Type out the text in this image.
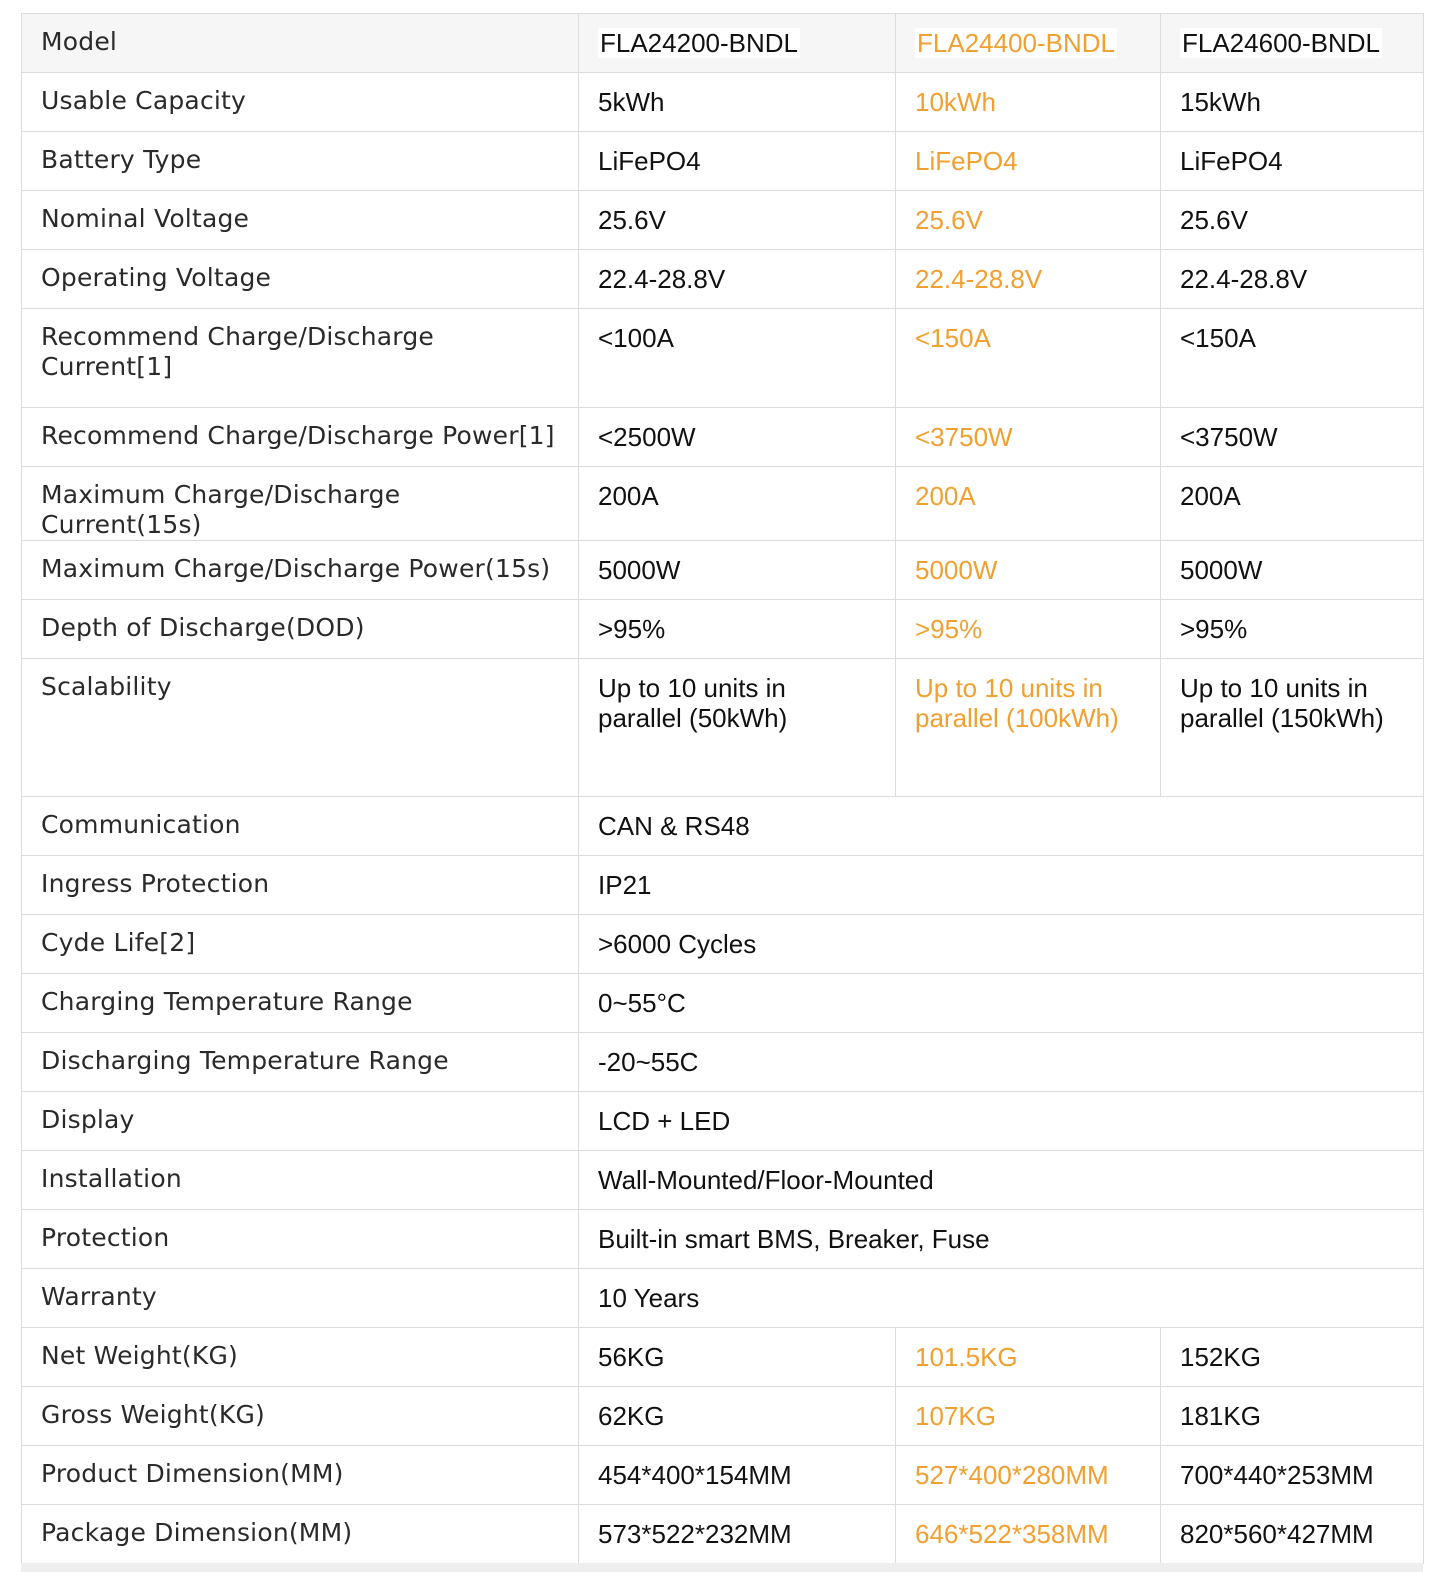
Model	FLA24200-BNDL	FLA24400-BNDL	FLA24600-BNDL

Usable Capacity	5kWh	10kWh	15kWh

Battery Type	LiFePO4	LiFePO4	LiFePO4

Nominal Voltage	25.6V	25.6V	25.6V

Operating Voltage	22.4-28.8V	22.4-28.8V	22.4-28.8V

Recommend Charge/Discharge Current[1]	<100A	<150A	<150A

Recommend Charge/Discharge Power[1]	<2500W	<3750W	<3750W

Maximum Charge/Discharge Current(15s)	200A	200A	200A

Maximum Charge/Discharge Power(15s)	5000W	5000W	5000W

Depth of Discharge(DOD)	>95%	>95%	>95%

Scalability	Up to 10 units in parallel (50kWh)	Up to 10 units in parallel (100kWh)	Up to 10 units in parallel (150kWh)

Communication	CAN & RS48		

Ingress Protection	IP21		

Cyde Life[2]	>6000 Cycles		

Charging Temperature Range	0~55°C		

Discharging Temperature Range	-20~55C		

Display	LCD + LED		

Installation	Wall-Mounted/Floor-Mounted		

Protection	Built-in smart BMS, Breaker, Fuse		

Warranty	10 Years		

Net Weight(KG)	56KG	101.5KG	152KG

Gross Weight(KG)	62KG	107KG	181KG

Product Dimension(MM)	454*400*154MM	527*400*280MM	700*440*253MM

Package Dimension(MM)	573*522*232MM	646*522*358MM	820*560*427MM
